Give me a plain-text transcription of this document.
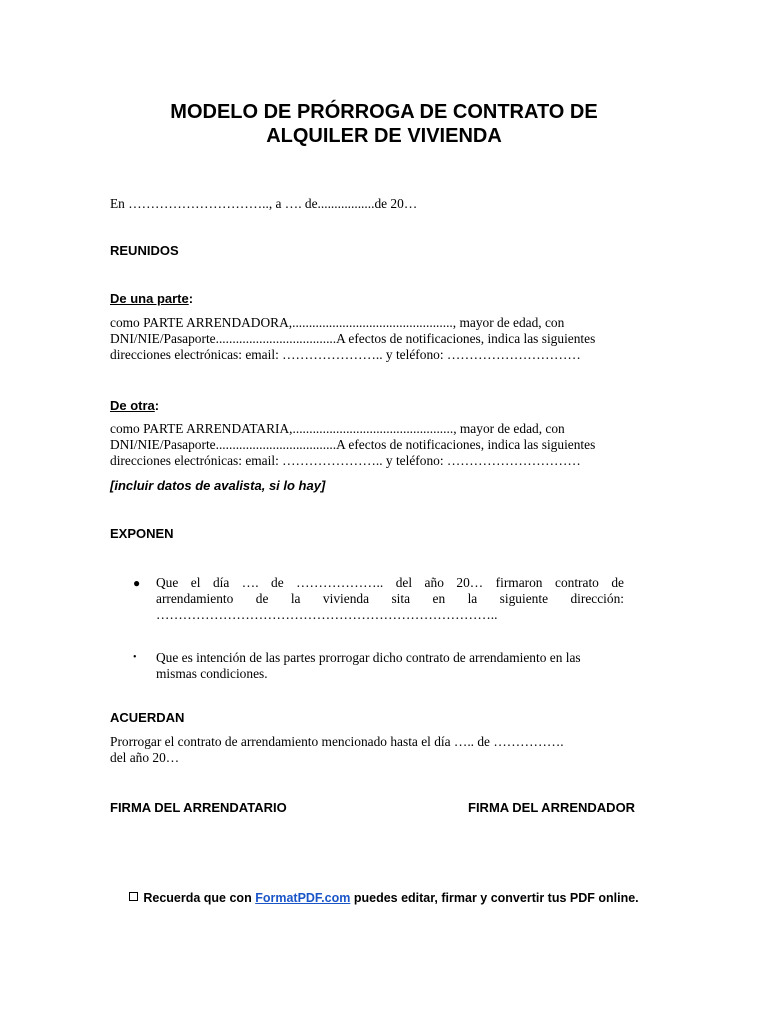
MODELO DE PRÓRROGA DE CONTRATO DE
ALQUILER DE VIVIENDA
En ………………………….., a …. de.................de 20…
REUNIDOS
De una parte:
como PARTE ARRENDADORA,................................................, mayor de edad, con
DNI/NIE/Pasaporte....................................A efectos de notificaciones, indica las siguientes
direcciones electrónicas: email: ………………….. y teléfono: …………………………
De otra:
como PARTE ARRENDATARIA,................................................, mayor de edad, con
DNI/NIE/Pasaporte....................................A efectos de notificaciones, indica las siguientes
direcciones electrónicas: email: ………………….. y teléfono: …………………………
[incluir datos de avalista, si lo hay]
EXPONEN
● Que el día …. de ……………….. del año 20… firmaron contrato de
arrendamiento de la vivienda sita en la siguiente dirección:
…………………………………………………………………..
• Que es intención de las partes prorrogar dicho contrato de arrendamiento en las
mismas condiciones.
ACUERDAN
Prorrogar el contrato de arrendamiento mencionado hasta el día ….. de …………….
del año 20…
FIRMA DEL ARRENDATARIO	FIRMA DEL ARRENDADOR
Recuerda que con FormatPDF.com puedes editar, firmar y convertir tus PDF online.
